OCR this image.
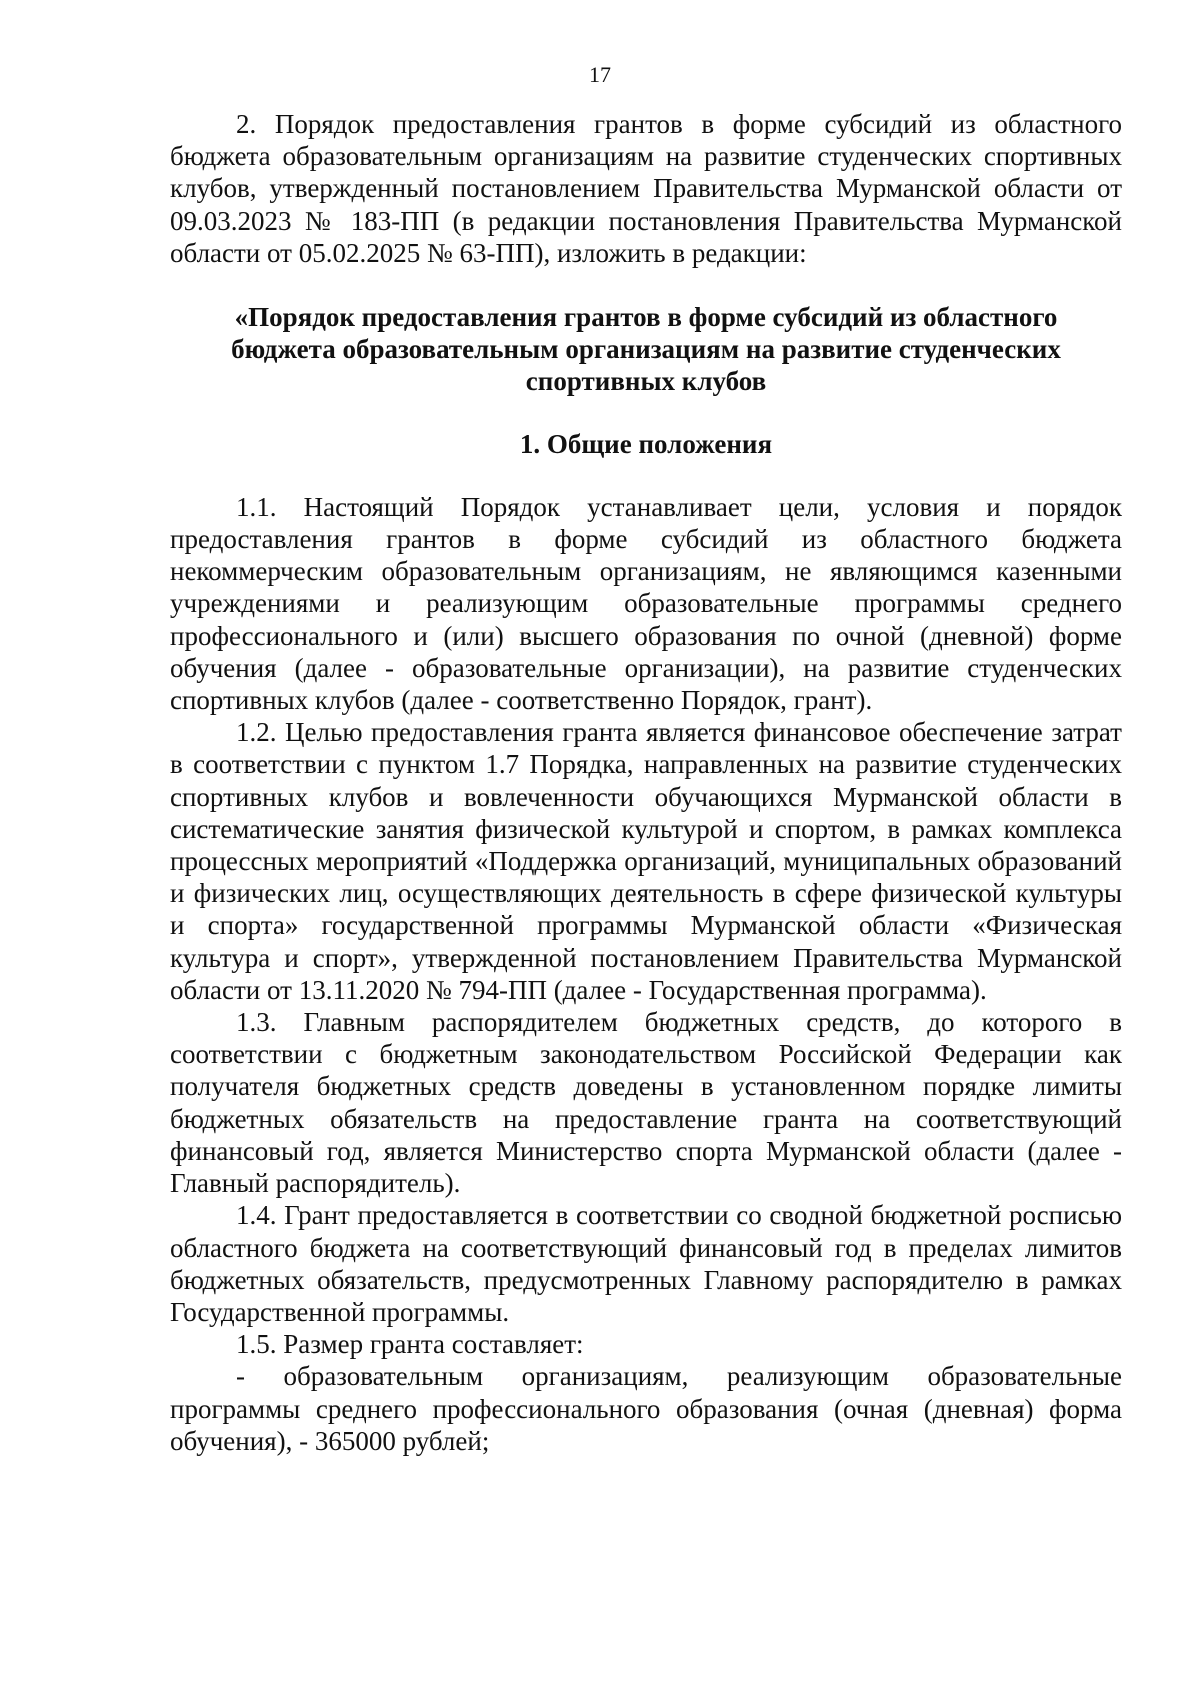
17

2. Порядок предоставления грантов в форме субсидий из областного бюджета образовательным организациям на развитие студенческих спортивных клубов, утвержденный постановлением Правительства Мурманской области от 09.03.2023 № 183-ПП (в редакции постановления Правительства Мурманской области от 05.02.2025 № 63-ПП), изложить в редакции:

«Порядок предоставления грантов в форме субсидий из областного бюджета образовательным организациям на развитие студенческих спортивных клубов
1. Общие положения

1.1. Настоящий Порядок устанавливает цели, условия и порядок предоставления грантов в форме субсидий из областного бюджета некоммерческим образовательным организациям, не являющимся казенными учреждениями и реализующим образовательные программы среднего профессионального и (или) высшего образования по очной (дневной) форме обучения (далее - образовательные организации), на развитие студенческих спортивных клубов (далее - соответственно Порядок, грант).

1.2. Целью предоставления гранта является финансовое обеспечение затрат в соответствии с пунктом 1.7 Порядка, направленных на развитие студенческих спортивных клубов и вовлеченности обучающихся Мурманской области в систематические занятия физической культурой и спортом, в рамках комплекса процессных мероприятий «Поддержка организаций, муниципальных образований и физических лиц, осуществляющих деятельность в сфере физической культуры и спорта» государственной программы Мурманской области «Физическая культура и спорт», утвержденной постановлением Правительства Мурманской области от 13.11.2020 № 794-ПП (далее - Государственная программа).

1.3. Главным распорядителем бюджетных средств, до которого в соответствии с бюджетным законодательством Российской Федерации как получателя бюджетных средств доведены в установленном порядке лимиты бюджетных обязательств на предоставление гранта на соответствующий финансовый год, является Министерство спорта Мурманской области (далее - Главный распорядитель).

1.4. Грант предоставляется в соответствии со сводной бюджетной росписью областного бюджета на соответствующий финансовый год в пределах лимитов бюджетных обязательств, предусмотренных Главному распорядителю в рамках Государственной программы.

1.5. Размер гранта составляет:

- образовательным организациям, реализующим образовательные программы среднего профессионального образования (очная (дневная) форма обучения), - 365000 рублей;
